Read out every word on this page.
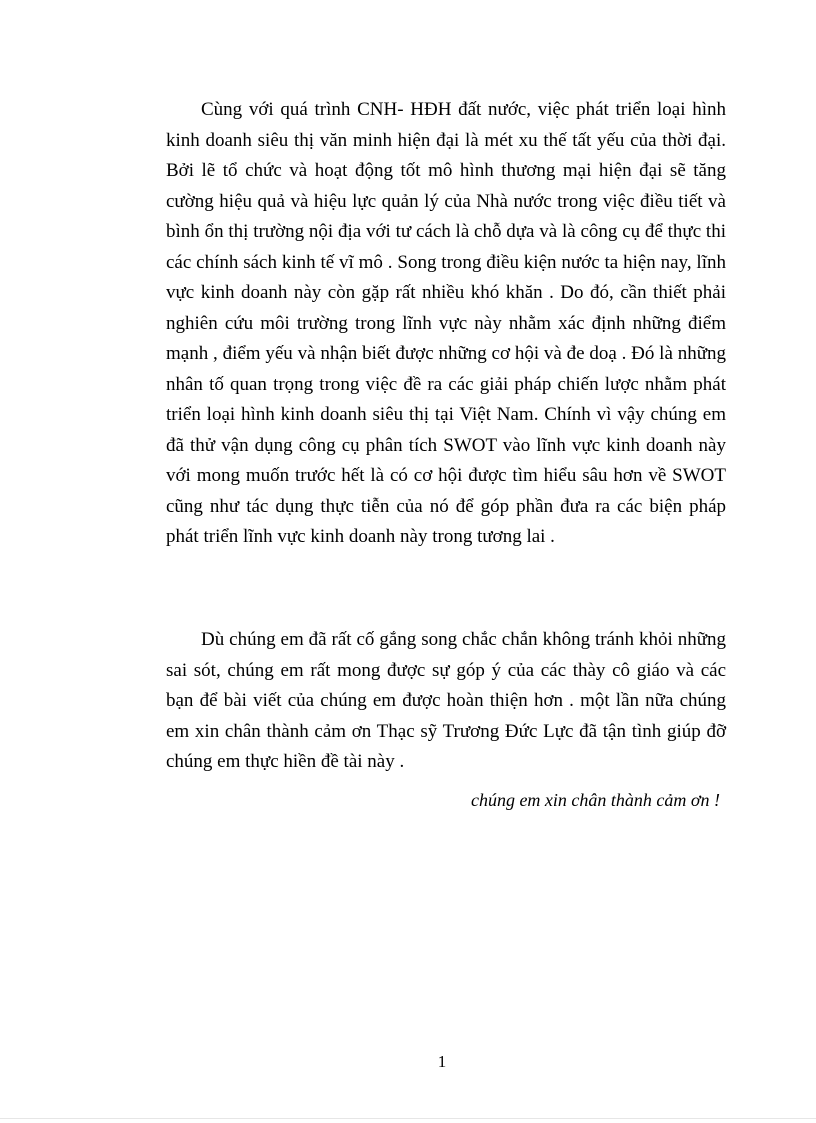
Cùng với quá trình CNH- HĐH đất nước, việc phát triển loại hình kinh doanh siêu thị văn minh hiện đại là mét xu thế tất yếu của thời đại. Bởi lẽ tổ chức và hoạt động tốt mô hình thương mại hiện đại sẽ tăng cường hiệu quả và hiệu lực quản lý của Nhà nước trong việc điều tiết và bình ổn thị trường nội địa với tư cách là chỗ dựa và là công cụ để thực thi các chính sách kinh tế vĩ mô . Song trong điều kiện nước ta hiện nay, lĩnh vực kinh doanh này còn gặp rất nhiều khó khăn . Do đó, cần thiết phải nghiên cứu môi trường trong lĩnh vực này nhằm xác định những điểm mạnh , điểm yếu và nhận biết được những cơ hội và đe doạ . Đó là những nhân tố quan trọng trong việc đề ra các giải pháp chiến lược nhằm phát triển loại hình kinh doanh siêu thị tại Việt Nam. Chính vì vậy chúng em đã thử vận dụng công cụ phân tích SWOT vào lĩnh vực kinh doanh này với mong muốn trước hết là có cơ hội được tìm hiểu sâu hơn về SWOT cũng như tác dụng thực tiễn của nó để góp phần đưa ra các biện pháp phát triển lĩnh vực kinh doanh này trong tương lai .

Dù chúng em đã rất cố gắng song chắc chắn không tránh khỏi những sai sót, chúng em rất mong được sự góp ý của các thày cô giáo và các bạn để bài viết của chúng em được hoàn thiện hơn . một lần nữa chúng em xin chân thành cảm ơn Thạc sỹ Trương Đức Lực đã tận tình giúp đỡ chúng em thực hiền đề tài này .

chúng em xin chân thành cảm ơn !

1
